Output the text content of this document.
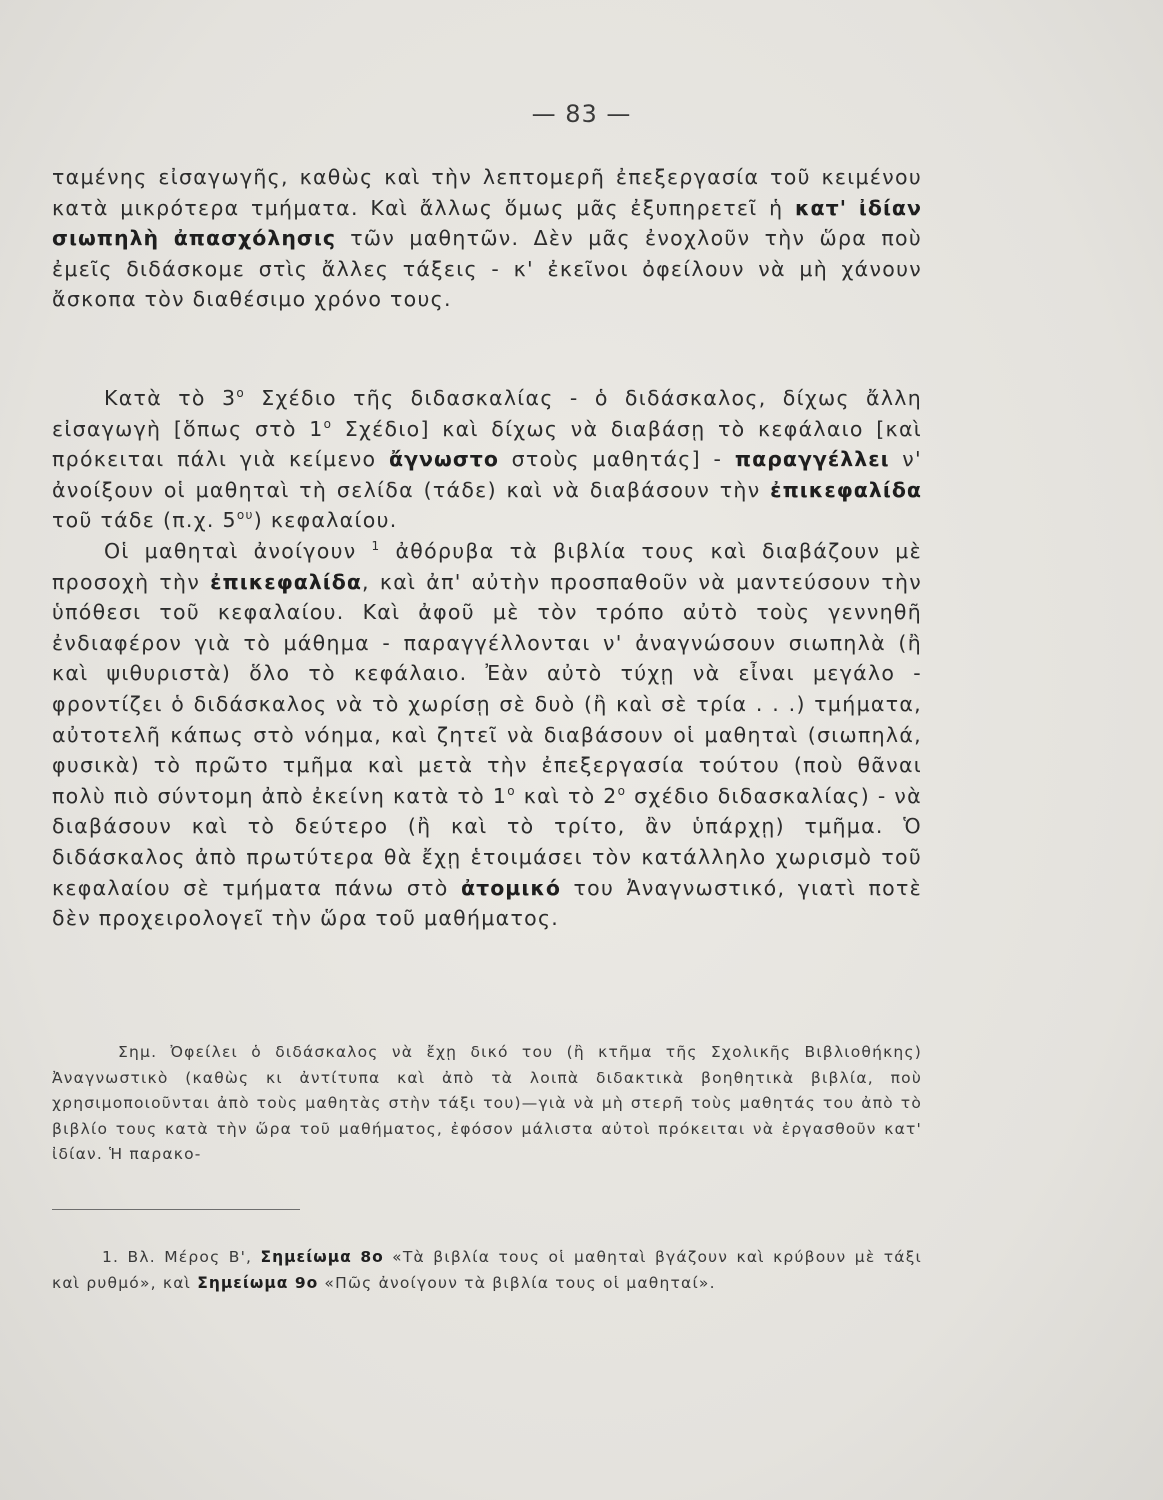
— 83 —

ταμένης εἰσαγωγῆς, καθὼς καὶ τὴν λεπτομερῆ ἐπεξεργασία τοῦ κειμένου κατὰ μικρότερα τμήματα. Καὶ ἄλλως ὅμως μᾶς ἐξυπηρετεῖ ἡ κατ' ἰδίαν σιωπηλὴ ἀπασχόλησις τῶν μαθητῶν. Δὲν μᾶς ἐνοχλοῦν τὴν ὥρα ποὺ ἐμεῖς διδάσκομε στὶς ἄλλες τάξεις - κ' ἐκεῖνοι ὀφείλουν νὰ μὴ χάνουν ἄσκοπα τὸν διαθέσιμο χρόνο τους.

Κατὰ τὸ $3^o$ Σχέδιο τῆς διδασκαλίας - ὁ διδάσκαλος, δίχως ἄλλη εἰσαγωγὴ [ὅπως στὸ $1^o$ Σχέδιο] καὶ δίχως νὰ διαβάσῃ τὸ κεφάλαιο [καὶ πρόκειται πάλι γιὰ κείμενο ἄγνωστο στοὺς μαθητάς] - παραγγέλλει ν' ἀνοίξουν οἱ μαθηταὶ τὴ σελίδα (τάδε) καὶ νὰ διαβάσουν τὴν ἐπικεφαλίδα τοῦ τάδε (π.χ. $5^{o\upsilon}$) κεφαλαίου.

Οἱ μαθηταὶ ἀνοίγουν $^1$ ἀθόρυβα τὰ βιβλία τους καὶ διαβάζουν μὲ προσοχὴ τὴν ἐπικεφαλίδα, καὶ ἀπ' αὐτὴν προσπαθοῦν νὰ μαντεύσουν τὴν ὑπόθεσι τοῦ κεφαλαίου. Καὶ ἀφοῦ μὲ τὸν τρόπο αὐτὸ τοὺς γεννηθῆ ἐνδιαφέρον γιὰ τὸ μάθημα - παραγγέλλονται ν' ἀναγνώσουν σιωπηλὰ (ἢ καὶ ψιθυριστὰ) ὅλο τὸ κεφάλαιο. Ἐὰν αὐτὸ τύχῃ νὰ εἶναι μεγάλο - φροντίζει ὁ διδάσκαλος νὰ τὸ χωρίσῃ σὲ δυὸ (ἢ καὶ σὲ τρία . . .) τμήματα, αὐτοτελῆ κάπως στὸ νόημα, καὶ ζητεῖ νὰ διαβάσουν οἱ μαθηταὶ (σιωπηλά, φυσικὰ) τὸ πρῶτο τμῆμα καὶ μετὰ τὴν ἐπεξεργασία τούτου (ποὺ θᾶναι πολὺ πιὸ σύντομη ἀπὸ ἐκείνη κατὰ τὸ $1^o$ καὶ τὸ $2^o$ σχέδιο διδασκαλίας) - νὰ διαβάσουν καὶ τὸ δεύτερο (ἢ καὶ τὸ τρίτο, ἂν ὑπάρχῃ) τμῆμα. Ὁ διδάσκαλος ἀπὸ πρωτύτερα θὰ ἔχῃ ἑτοιμάσει τὸν κατάλληλο χωρισμὸ τοῦ κεφαλαίου σὲ τμήματα πάνω στὸ ἀτομικό του Ἀναγνωστικό, γιατὶ ποτὲ δὲν προχειρολογεῖ τὴν ὥρα τοῦ μαθήματος.

Σημ. Ὀφείλει ὁ διδάσκαλος νὰ ἔχῃ δικό του (ἢ κτῆμα τῆς Σχολικῆς Βιβλιοθήκης) Ἀναγνωστικὸ (καθὼς κι ἀντίτυπα καὶ ἀπὸ τὰ λοιπὰ διδακτικὰ βοηθητικὰ βιβλία, ποὺ χρησιμοποιοῦνται ἀπὸ τοὺς μαθητὰς στὴν τάξι του)—γιὰ νὰ μὴ στερῆ τοὺς μαθητάς του ἀπὸ τὸ βιβλίο τους κατὰ τὴν ὥρα τοῦ μαθήματος, ἐφόσον μάλιστα αὐτοὶ πρόκειται νὰ ἐργασθοῦν κατ' ἰδίαν. Ἡ παρακο-
1. Βλ. Μέρος Β', Σημείωμα 8ο «Τὰ βιβλία τους οἱ μαθηταὶ βγάζουν καὶ κρύβουν μὲ τάξι καὶ ρυθμό», καὶ Σημείωμα 9ο «Πῶς ἀνοίγουν τὰ βιβλία τους οἱ μαθηταί».
